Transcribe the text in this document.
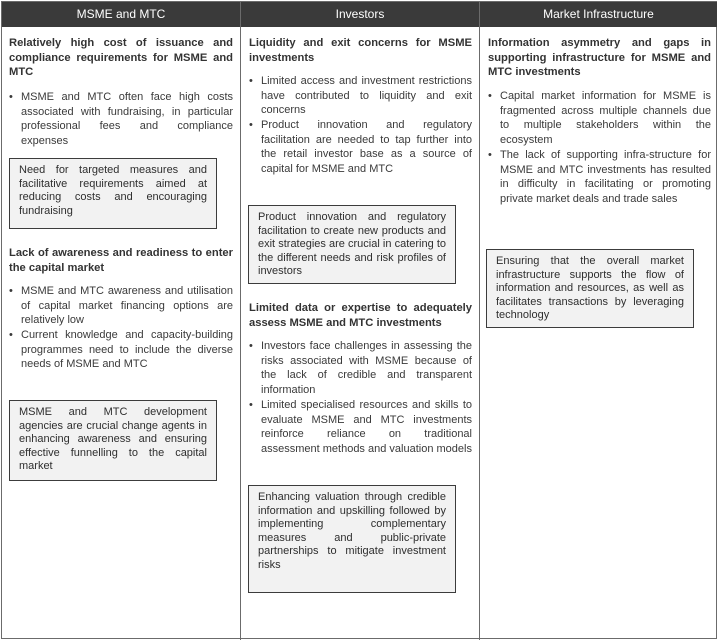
MSME and MTC	Investors	Market Infrastructure
Relatively high cost of issuance and compliance requirements for MSME and MTC
• MSME and MTC often face high costs associated with fundraising, in particular professional fees and compliance expenses
Need for targeted measures and facilitative requirements aimed at reducing costs and encouraging fundraising
Lack of awareness and readiness to enter the capital market
• MSME and MTC awareness and utilisation of capital market financing options are relatively low
• Current knowledge and capacity-building programmes need to include the diverse needs of MSME and MTC
MSME and MTC development agencies are crucial change agents in enhancing awareness and ensuring effective funnelling to the capital market
Liquidity and exit concerns for MSME investments
• Limited access and investment restrictions have contributed to liquidity and exit concerns
• Product innovation and regulatory facilitation are needed to tap further into the retail investor base as a source of capital for MSME and MTC
Product innovation and regulatory facilitation to create new products and exit strategies are crucial in catering to the different needs and risk profiles of investors
Limited data or expertise to adequately assess MSME and MTC investments
• Investors face challenges in assessing the risks associated with MSME because of the lack of credible and transparent information
• Limited specialised resources and skills to evaluate MSME and MTC investments reinforce reliance on traditional assessment methods and valuation models
Enhancing valuation through credible information and upskilling followed by implementing complementary measures and public-private partnerships to mitigate investment risks
Information asymmetry and gaps in supporting infrastructure for MSME and MTC investments
• Capital market information for MSME is fragmented across multiple channels due to multiple stakeholders within the ecosystem
• The lack of supporting infra-structure for MSME and MTC investments has resulted in difficulty in facilitating or promoting private market deals and trade sales
Ensuring that the overall market infrastructure supports the flow of information and resources, as well as facilitates transactions by leveraging technology
